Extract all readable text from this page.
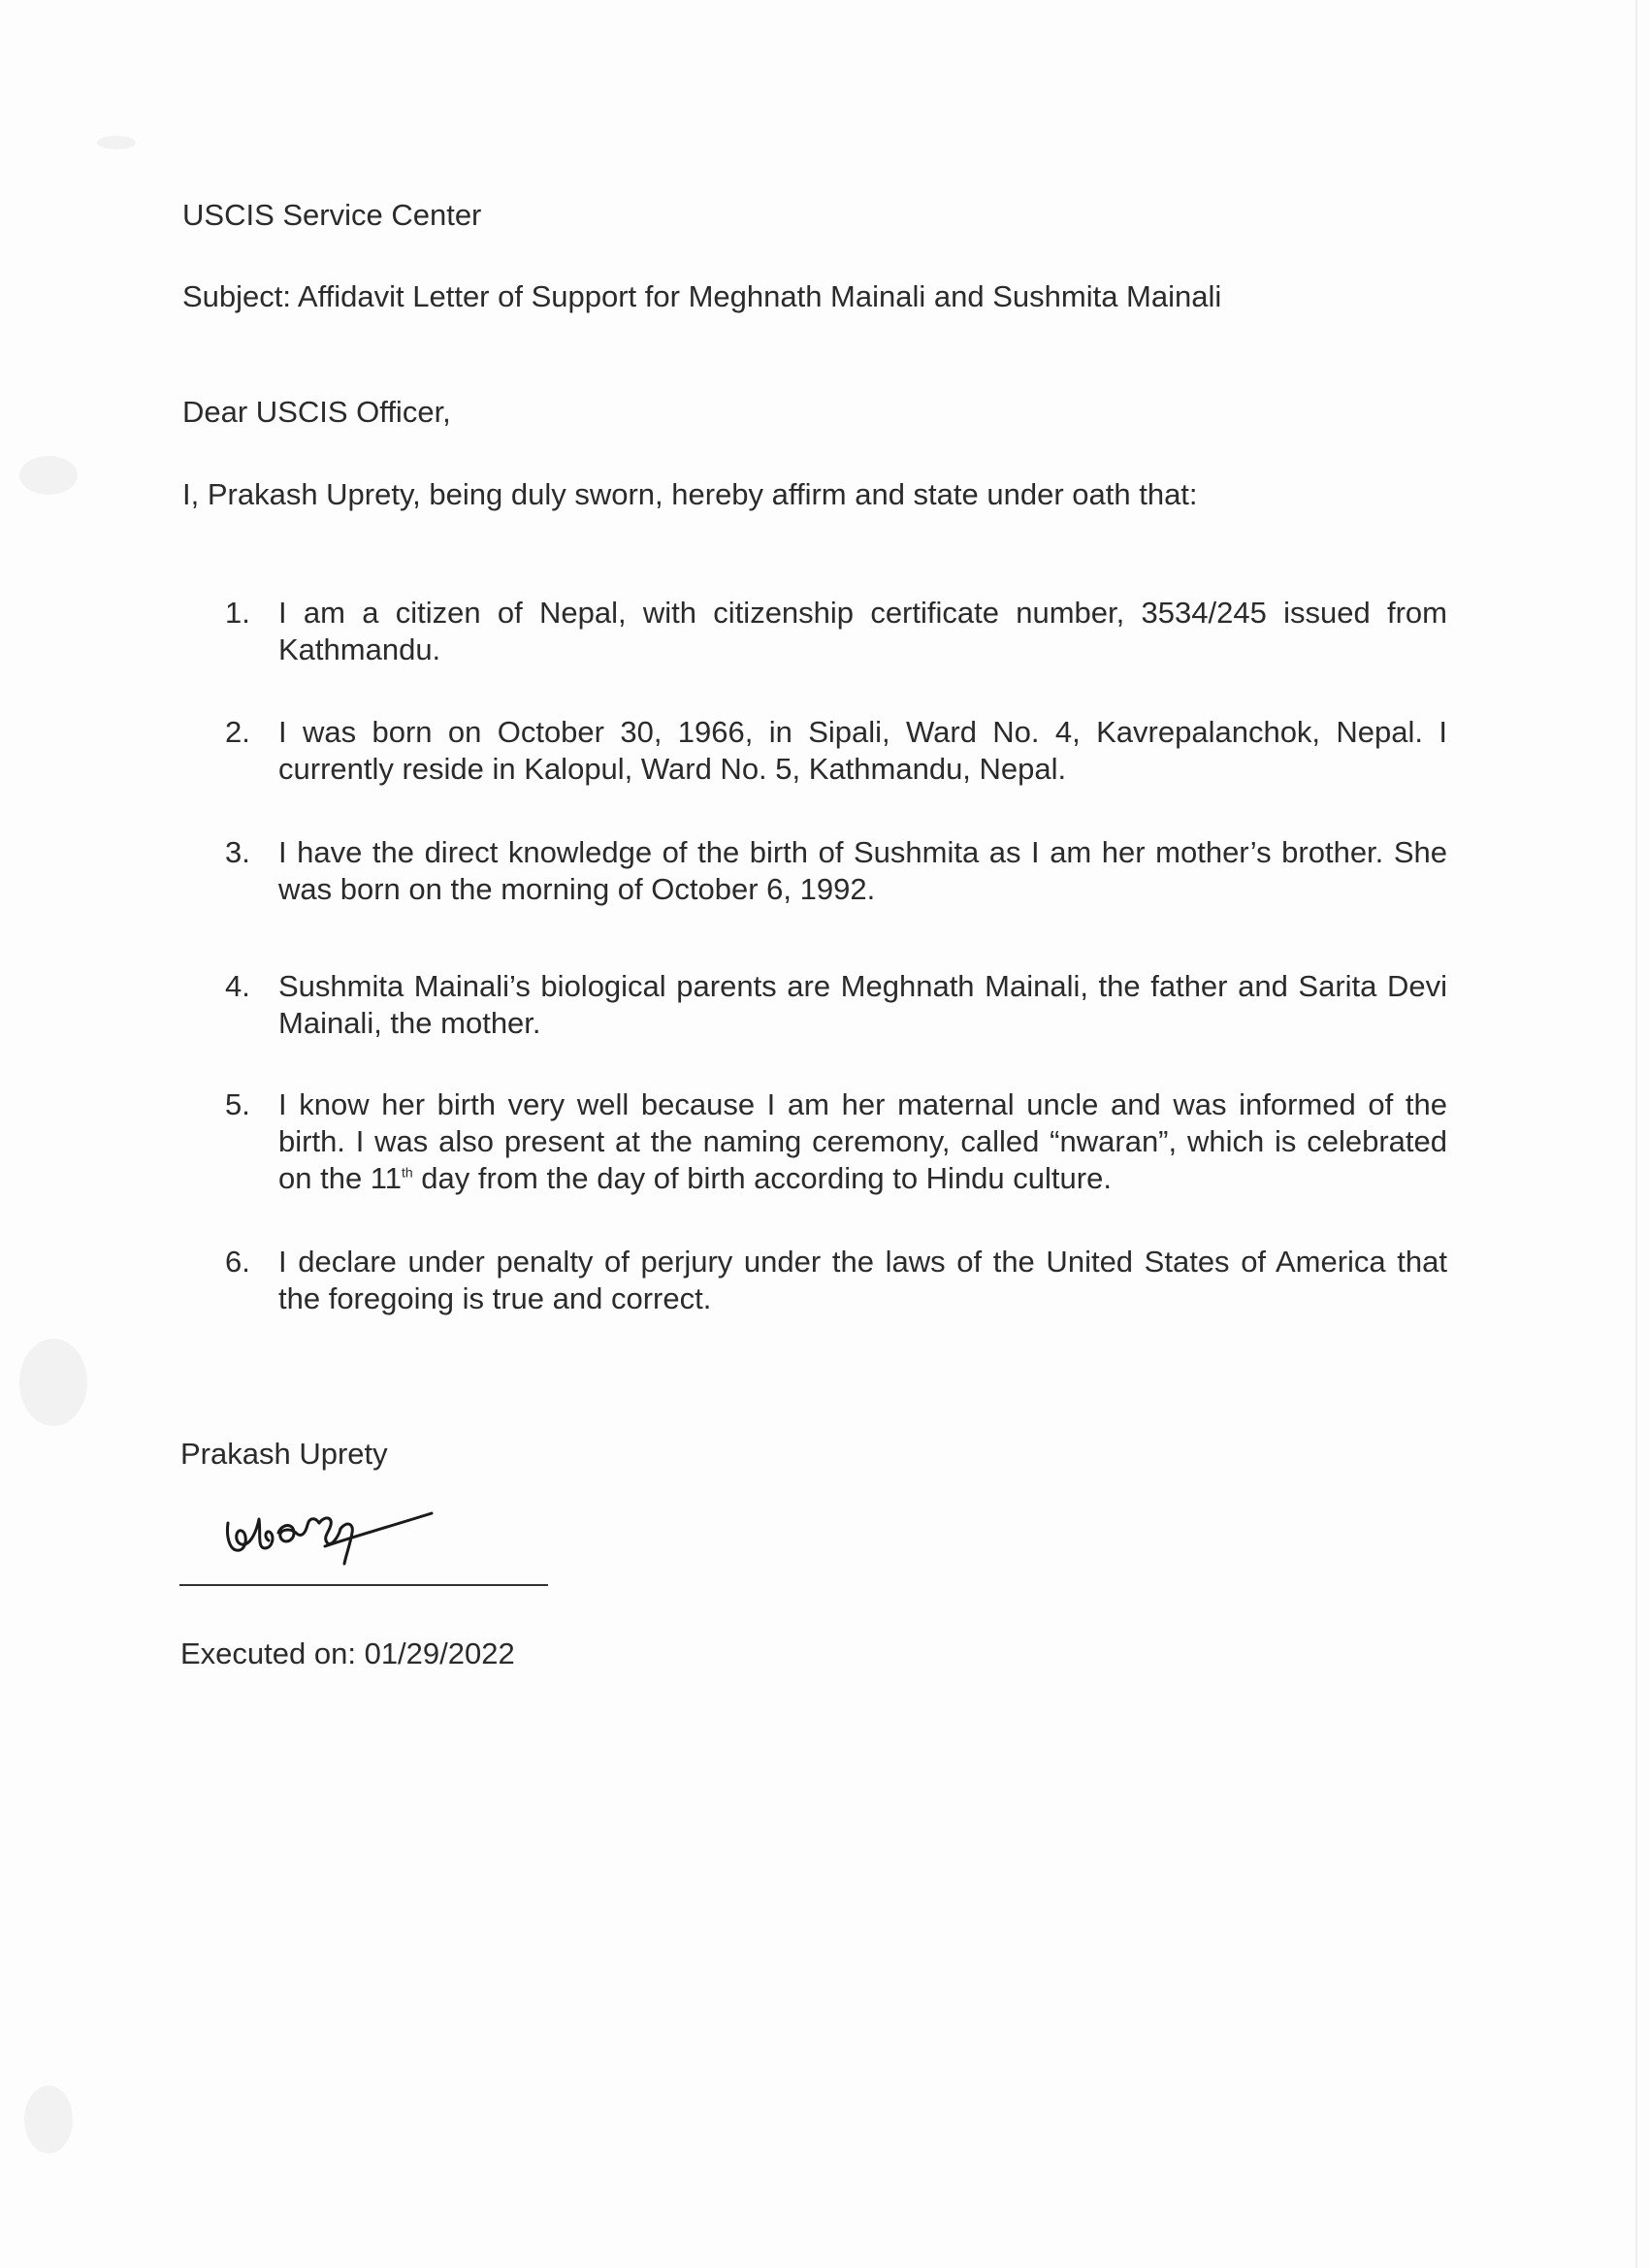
USCIS Service Center
Subject: Affidavit Letter of Support for Meghnath Mainali and Sushmita Mainali
Dear USCIS Officer,
I, Prakash Uprety, being duly sworn, hereby affirm and state under oath that:
1. I am a citizen of Nepal, with citizenship certificate number, 3534/245 issued from Kathmandu.
2. I was born on October 30, 1966, in Sipali, Ward No. 4, Kavrepalanchok, Nepal. I currently reside in Kalopul, Ward No. 5, Kathmandu, Nepal.
3. I have the direct knowledge of the birth of Sushmita as I am her mother’s brother. She was born on the morning of October 6, 1992.
4. Sushmita Mainali’s biological parents are Meghnath Mainali, the father and Sarita Devi Mainali, the mother.
5. I know her birth very well because I am her maternal uncle and was informed of the birth. I was also present at the naming ceremony, called “nwaran”, which is celebrated on the 11th day from the day of birth according to Hindu culture.
6. I declare under penalty of perjury under the laws of the United States of America that the foregoing is true and correct.
Prakash Uprety
Executed on: 01/29/2022
